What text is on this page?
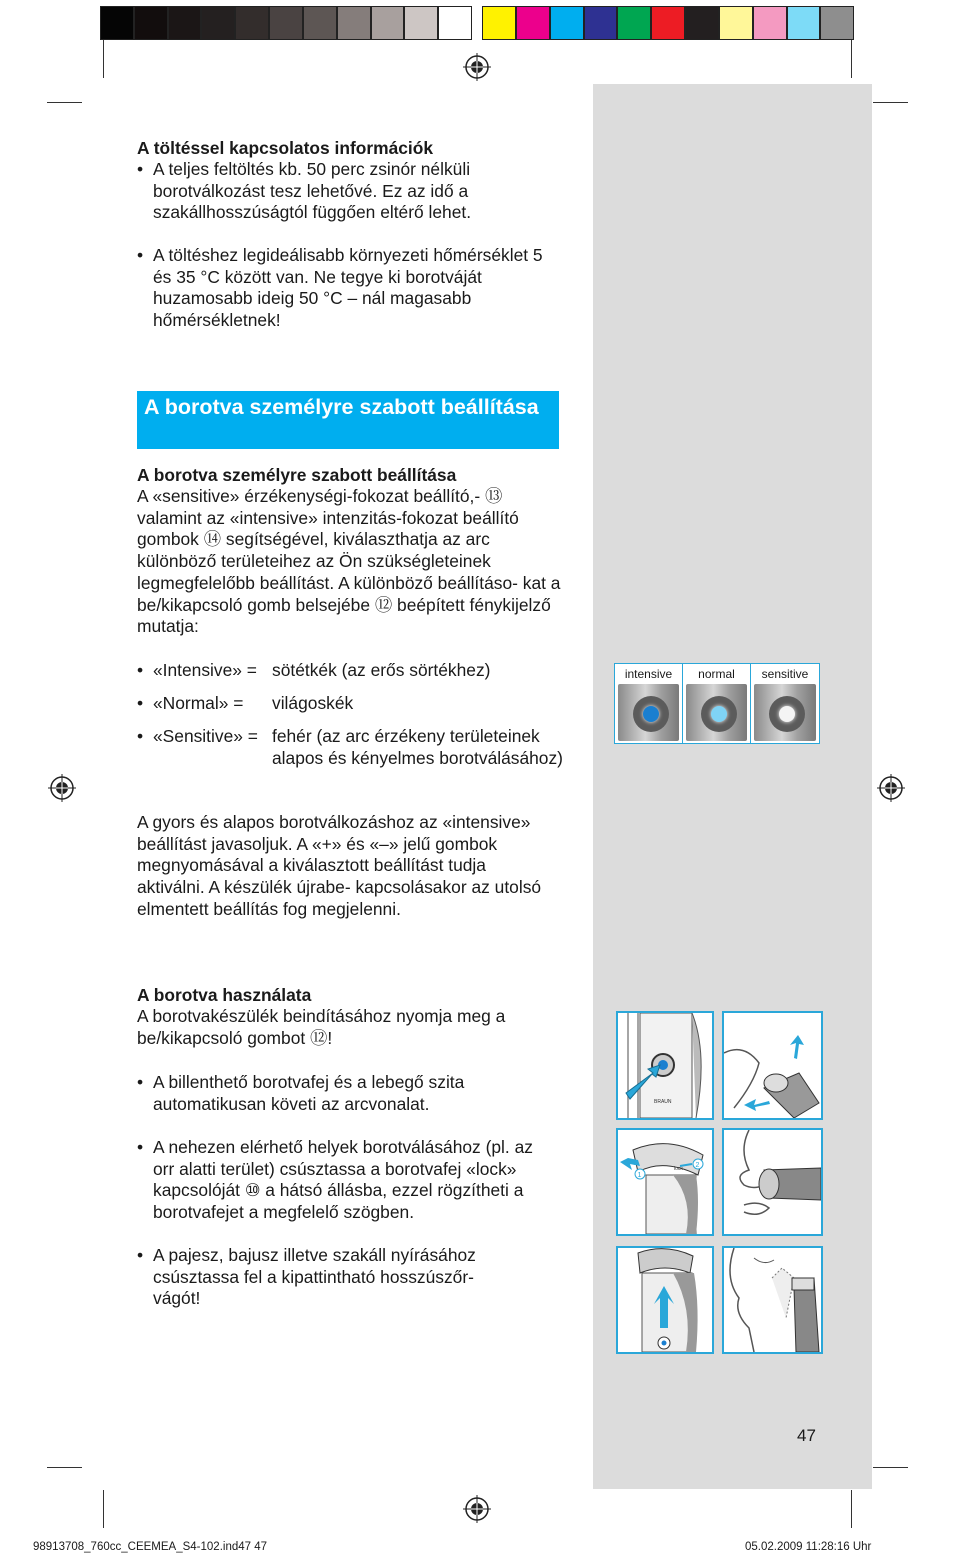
A töltéssel kapcsolatos információk
• A teljes feltöltés kb. 50 perc zsinór nélküli borotválkozást tesz lehetővé. Ez az idő a szakállhosszúságtól függően eltérő lehet.
• A töltéshez legideálisabb környezeti hőmérséklet 5 és 35 °C között van. Ne tegye ki borotváját huzamosabb ideig 50 °C – nál magasabb hőmérsékletnek!
A borotva személyre szabott beállítása
A borotva személyre szabott beállítása
A «sensitive» érzékenységi-fokozat beállító,- ⑬ valamint az «intensive» intenzitás-fokozat beállító gombok ⑭ segítségével, kiválaszthatja az arc különböző területeihez az Ön szükségleteinek legmegfelelőbb beállítást. A különböző beállításo- kat a be/kikapcsoló gomb belsejébe ⑫ beépített fénykijelző mutatja:
• «Intensive» = sötétkék (az erős sörtékhez)
• «Normal» = világoskék
• «Sensitive» = fehér (az arc érzékeny területeinek alapos és kényelmes borotválásához)
A gyors és alapos borotválkozáshoz az «intensive» beállítást javasoljuk. A «+» és «–» jelű gombok megnyomásával a kiválasztott beállítást tudja aktiválni. A készülék újrabe- kapcsolásakor az utolsó elmentett beállítás fog megjelenni.
A borotva használata
A borotvakészülék beindításához nyomja meg a be/kikapcsoló gombot ⑫!
• A billenthető borotvafej és a lebegő szita automatikusan követi az arcvonalat.
• A nehezen elérhető helyek borotválásához (pl. az orr alatti terület) csúsztassa a borotvafej «lock» kapcsolóját ⑩ a hátsó állásba, ezzel rögzítheti a borotvafejet a megfelelő szögben.
• A pajesz, bajusz illetve szakáll nyírásához csúsztassa fel a kipattintható hosszúszőr- vágót!
intensive	normal	sensitive
BRAUN
1
2
lock
47
98913708_760cc_CEEMEA_S4-102.ind47 47	05.02.2009 11:28:16 Uhr
